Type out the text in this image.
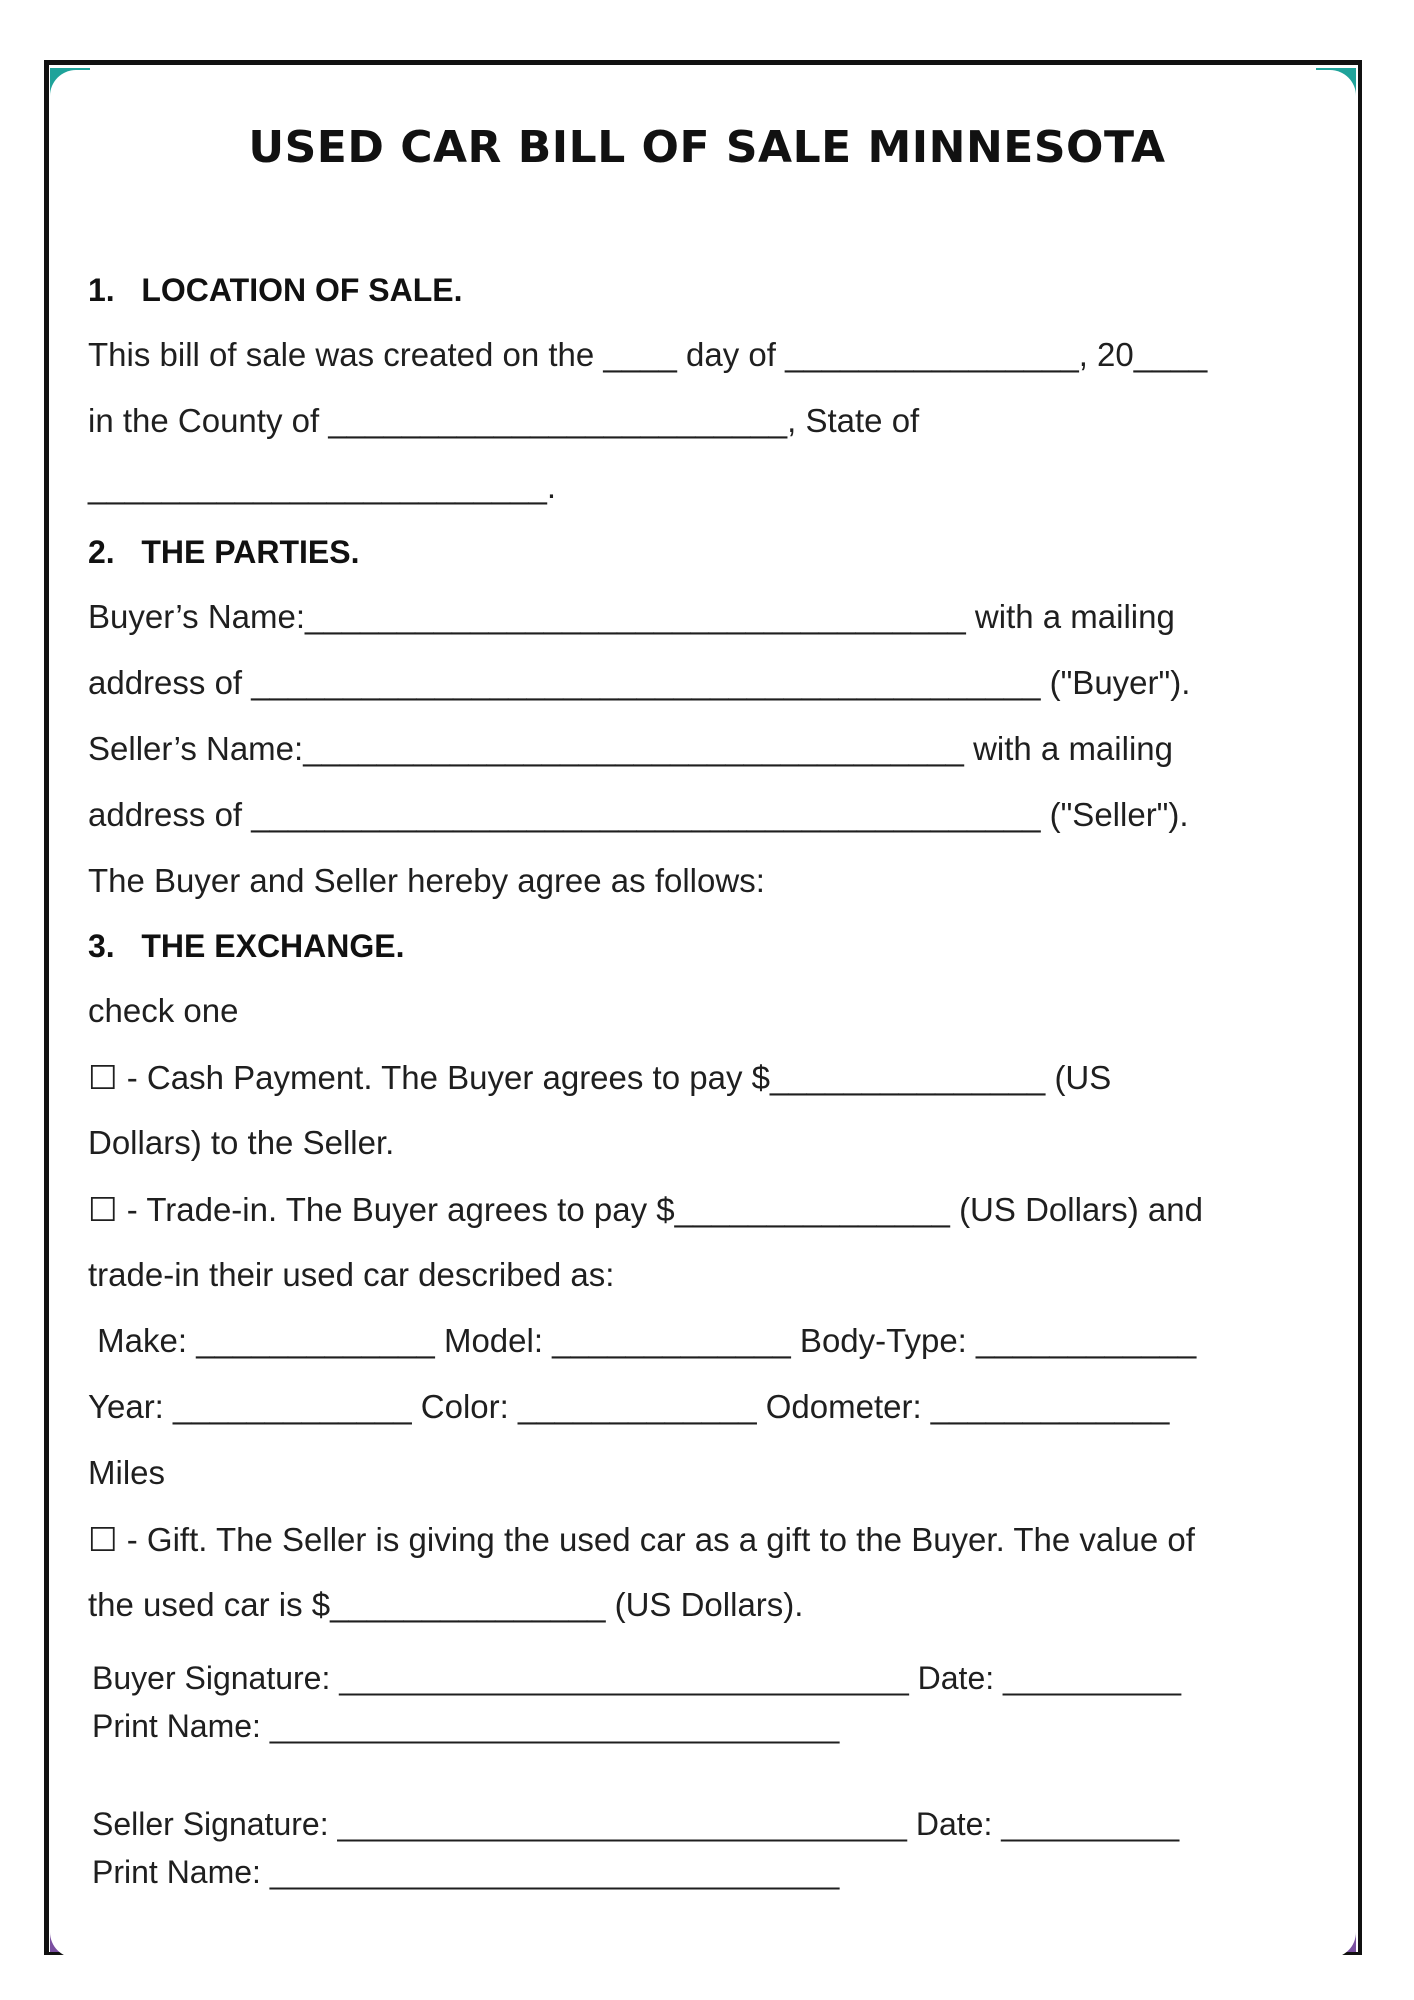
USED CAR BILL OF SALE MINNESOTA
1.   LOCATION OF SALE.
This bill of sale was created on the ____ day of ________________, 20____
in the County of _________________________, State of
_________________________.
2.   THE PARTIES.
Buyer’s Name:____________________________________ with a mailing
address of ___________________________________________ ("Buyer").
Seller’s Name:____________________________________ with a mailing
address of ___________________________________________ ("Seller").
The Buyer and Seller hereby agree as follows:
3.   THE EXCHANGE.
check one
☐ - Cash Payment. The Buyer agrees to pay $_______________ (US
Dollars) to the Seller.
☐ - Trade-in. The Buyer agrees to pay $_______________ (US Dollars) and
trade-in their used car described as:
Make: _____________ Model: _____________ Body-Type: ____________
Year: _____________ Color: _____________ Odometer: _____________
Miles
☐ - Gift. The Seller is giving the used car as a gift to the Buyer. The value of
the used car is $_______________ (US Dollars).
Buyer Signature: ________________________________ Date: __________
Print Name: ________________________________
Seller Signature: ________________________________ Date: __________
Print Name: ________________________________
